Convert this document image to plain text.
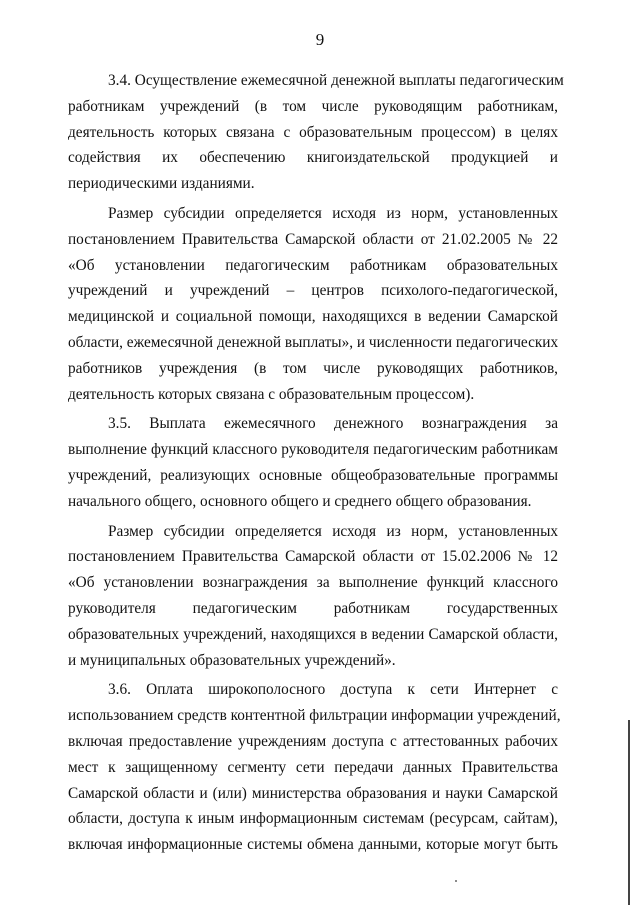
9
3.4. Осуществление ежемесячной денежной выплаты педагогическим
работникам учреждений (в том числе руководящим работникам,
деятельность которых связана с образовательным процессом) в целях
содействия их обеспечению книгоиздательской продукцией и
периодическими изданиями.
Размер субсидии определяется исходя из норм, установленных
постановлением Правительства Самарской области от 21.02.2005 № 22
«Об установлении педагогическим работникам образовательных
учреждений и учреждений – центров психолого-педагогической,
медицинской и социальной помощи, находящихся в ведении Самарской
области, ежемесячной денежной выплаты», и численности педагогических
работников учреждения (в том числе руководящих работников,
деятельность которых связана с образовательным процессом).
3.5. Выплата ежемесячного денежного вознаграждения за
выполнение функций классного руководителя педагогическим работникам
учреждений, реализующих основные общеобразовательные программы
начального общего, основного общего и среднего общего образования.
Размер субсидии определяется исходя из норм, установленных
постановлением Правительства Самарской области от 15.02.2006 № 12
«Об установлении вознаграждения за выполнение функций классного
руководителя педагогическим работникам государственных
образовательных учреждений, находящихся в ведении Самарской области,
и муниципальных образовательных учреждений».
3.6. Оплата широкополосного доступа к сети Интернет с
использованием средств контентной фильтрации информации учреждений,
включая предоставление учреждениям доступа с аттестованных рабочих
мест к защищенному сегменту сети передачи данных Правительства
Самарской области и (или) министерства образования и науки Самарской
области, доступа к иным информационным системам (ресурсам, сайтам),
включая информационные системы обмена данными, которые могут быть
